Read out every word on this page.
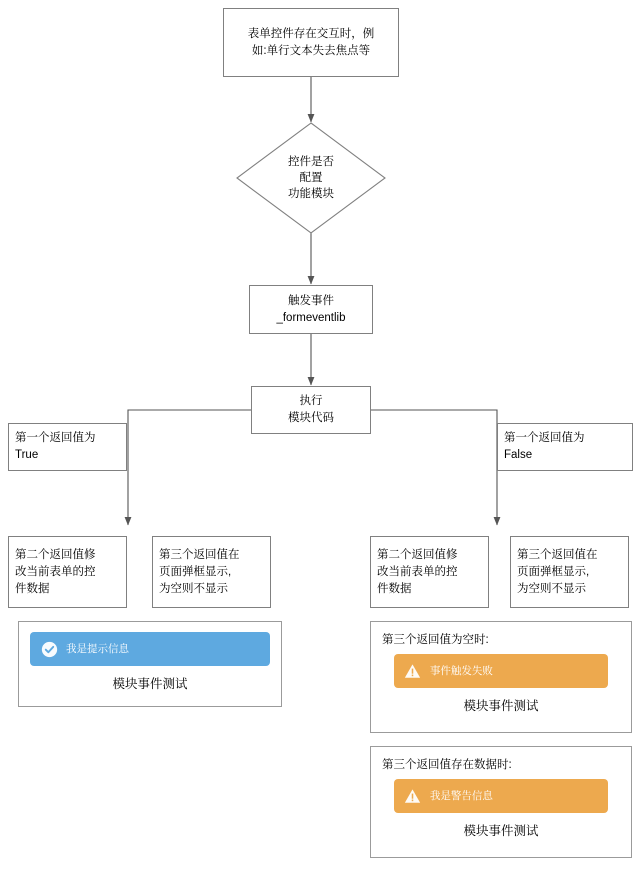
表单控件存在交互时，例
如:单行文本失去焦点等
控件是否
配置
功能模块
触发事件
_formeventlib
执行
模块代码
第一个返回值为
True
第一个返回值为
False
第二个返回值修
改当前表单的控
件数据
第三个返回值在
页面弹框显示,
为空则不显示
第二个返回值修
改当前表单的控
件数据
第三个返回值在
页面弹框显示,
为空则不显示
我是提示信息
模块事件测试
第三个返回值为空时:
事件触发失败
模块事件测试
第三个返回值存在数据时:
我是警告信息
模块事件测试
